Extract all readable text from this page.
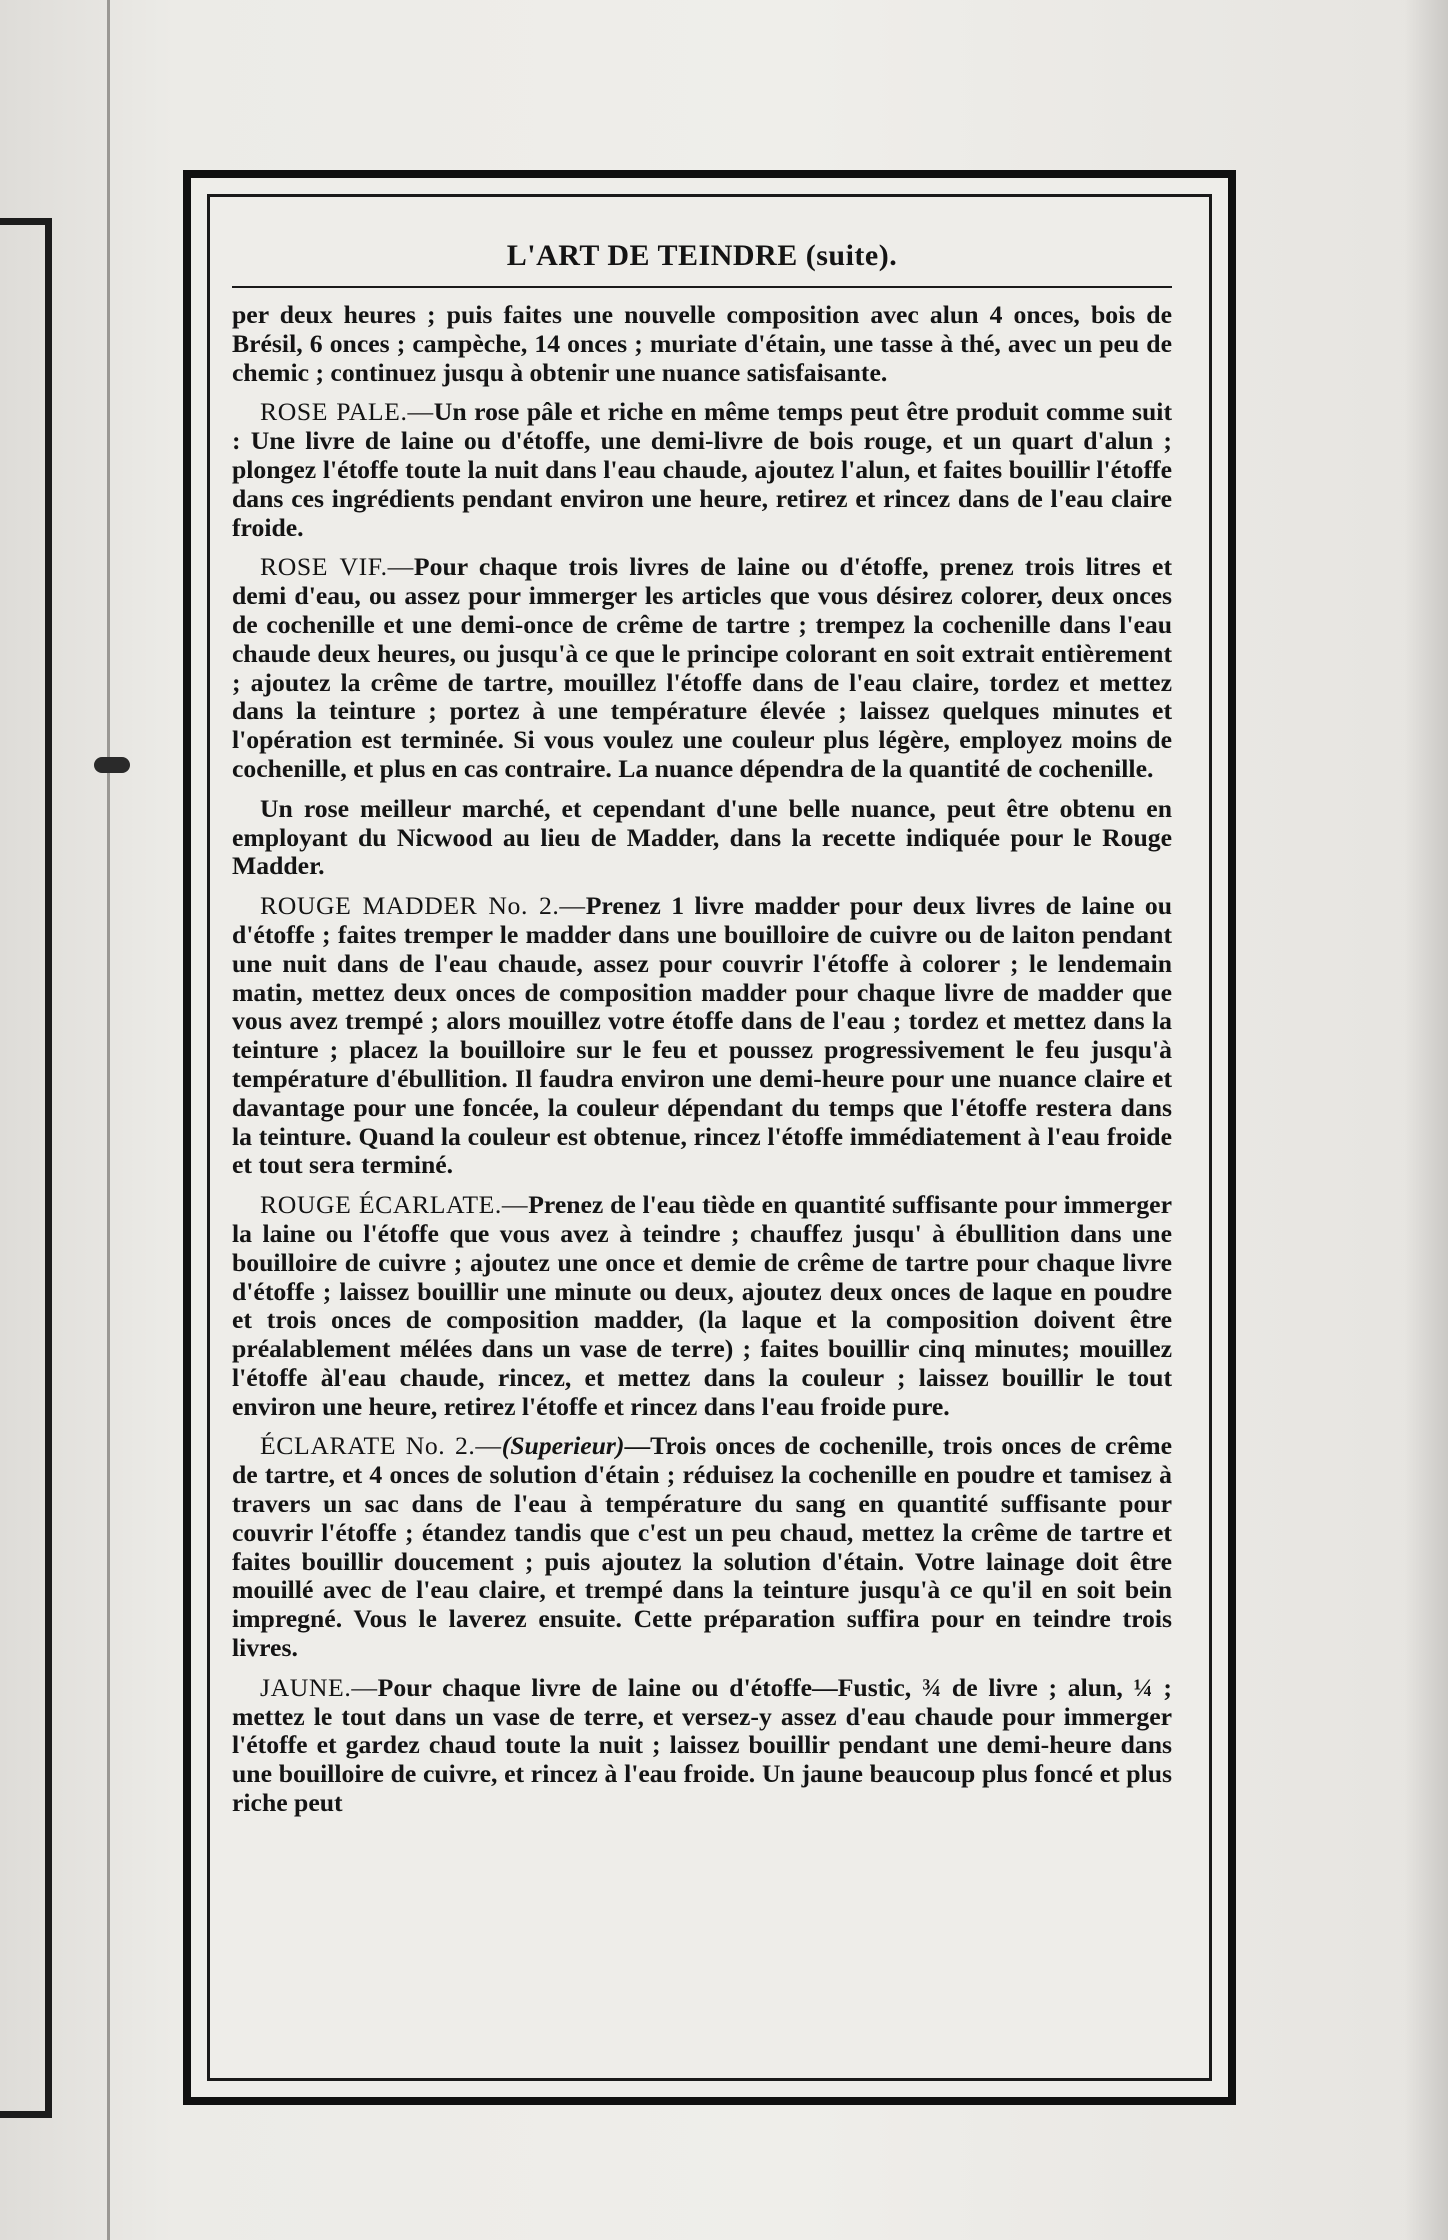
L'ART DE TEINDRE (suite).

per deux heures ; puis faites une nouvelle composition avec alun 4 onces, bois de Brésil, 6 onces ; campèche, 14 onces ; muriate d'étain, une tasse à thé, avec un peu de chemic ; continuez jusqu à obtenir une nuance satisfaisante.

ROSE PALE.—Un rose pâle et riche en même temps peut être produit comme suit : Une livre de laine ou d'étoffe, une demi-livre de bois rouge, et un quart d'alun ; plongez l'étoffe toute la nuit dans l'eau chaude, ajoutez l'alun, et faites bouillir l'étoffe dans ces ingrédients pendant environ une heure, retirez et rincez dans de l'eau claire froide.

ROSE VIF.—Pour chaque trois livres de laine ou d'étoffe, prenez trois litres et demi d'eau, ou assez pour immerger les articles que vous désirez colorer, deux onces de cochenille et une demi-once de crême de tartre ; trempez la cochenille dans l'eau chaude deux heures, ou jusqu'à ce que le principe colorant en soit extrait entièrement ; ajoutez la crême de tartre, mouillez l'étoffe dans de l'eau claire, tordez et mettez dans la teinture ; portez à une température élevée ; laissez quelques minutes et l'opération est terminée. Si vous voulez une couleur plus légère, employez moins de cochenille, et plus en cas contraire. La nuance dépendra de la quantité de cochenille.

Un rose meilleur marché, et cependant d'une belle nuance, peut être obtenu en employant du Nicwood au lieu de Madder, dans la recette indiquée pour le Rouge Madder.

ROUGE MADDER No. 2.—Prenez 1 livre madder pour deux livres de laine ou d'étoffe ; faites tremper le madder dans une bouilloire de cuivre ou de laiton pendant une nuit dans de l'eau chaude, assez pour couvrir l'étoffe à colorer ; le lendemain matin, mettez deux onces de composition madder pour chaque livre de madder que vous avez trempé ; alors mouillez votre étoffe dans de l'eau ; tordez et mettez dans la teinture ; placez la bouilloire sur le feu et poussez progressivement le feu jusqu'à température d'ébullition. Il faudra environ une demi-heure pour une nuance claire et davantage pour une foncée, la couleur dépendant du temps que l'étoffe restera dans la teinture. Quand la couleur est obtenue, rincez l'étoffe immédiatement à l'eau froide et tout sera terminé.

ROUGE ÉCARLATE.—Prenez de l'eau tiède en quantité suffisante pour immerger la laine ou l'étoffe que vous avez à teindre ; chauffez jusqu' à ébullition dans une bouilloire de cuivre ; ajoutez une once et demie de crême de tartre pour chaque livre d'étoffe ; laissez bouillir une minute ou deux, ajoutez deux onces de laque en poudre et trois onces de composition madder, (la laque et la composition doivent être préalablement mélées dans un vase de terre) ; faites bouillir cinq minutes; mouillez l'étoffe àl'eau chaude, rincez, et mettez dans la couleur ; laissez bouillir le tout environ une heure, retirez l'étoffe et rincez dans l'eau froide pure.

ÉCLARATE No. 2.—(Superieur)—Trois onces de cochenille, trois onces de crême de tartre, et 4 onces de solution d'étain ; réduisez la cochenille en poudre et tamisez à travers un sac dans de l'eau à température du sang en quantité suffisante pour couvrir l'étoffe ; étandez tandis que c'est un peu chaud, mettez la crême de tartre et faites bouillir doucement ; puis ajoutez la solution d'étain. Votre lainage doit être mouillé avec de l'eau claire, et trempé dans la teinture jusqu'à ce qu'il en soit bein impregné. Vous le laverez ensuite. Cette préparation suffira pour en teindre trois livres.

JAUNE.—Pour chaque livre de laine ou d'étoffe—Fustic, ¾ de livre ; alun, ¼ ; mettez le tout dans un vase de terre, et versez-y assez d'eau chaude pour immerger l'étoffe et gardez chaud toute la nuit ; laissez bouillir pendant une demi-heure dans une bouilloire de cuivre, et rincez à l'eau froide. Un jaune beaucoup plus foncé et plus riche peut
